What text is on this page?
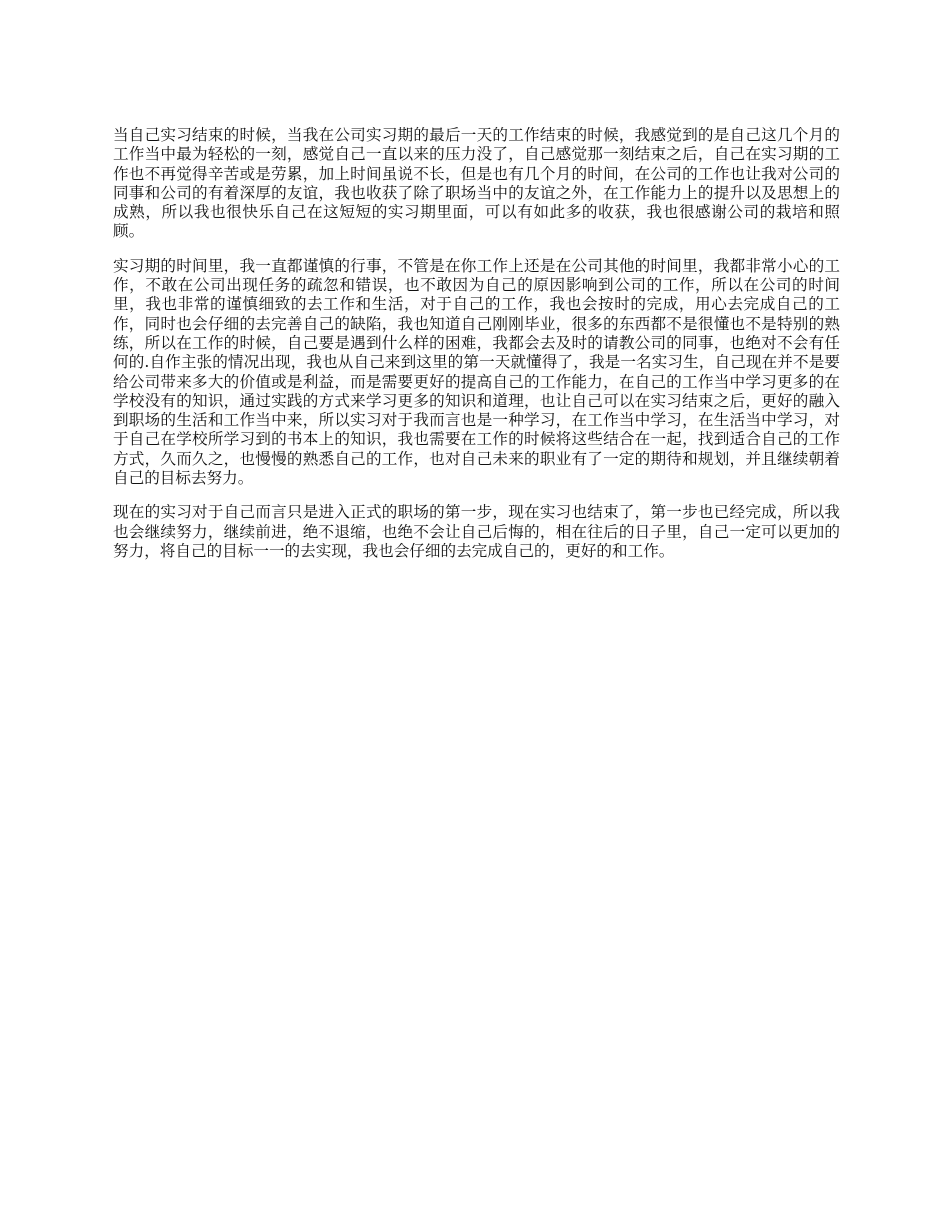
当自己实习结束的时候，当我在公司实习期的最后一天的工作结束的时候，我感觉到的是自己这几个月的工作当中最为轻松的一刻，感觉自己一直以来的压力没了，自己感觉那一刻结束之后，自己在实习期的工作也不再觉得辛苦或是劳累，加上时间虽说不长，但是也有几个月的时间，在公司的工作也让我对公司的同事和公司的有着深厚的友谊，我也收获了除了职场当中的友谊之外，在工作能力上的提升以及思想上的成熟，所以我也很快乐自己在这短短的实习期里面，可以有如此多的收获，我也很感谢公司的栽培和照顾。

实习期的时间里，我一直都谨慎的行事，不管是在你工作上还是在公司其他的时间里，我都非常小心的工作，不敢在公司出现任务的疏忽和错误，也不敢因为自己的原因影响到公司的工作，所以在公司的时间里，我也非常的谨慎细致的去工作和生活，对于自己的工作，我也会按时的完成，用心去完成自己的工作，同时也会仔细的去完善自己的缺陷，我也知道自己刚刚毕业，很多的东西都不是很懂也不是特别的熟练，所以在工作的时候，自己要是遇到什么样的困难，我都会去及时的请教公司的同事，也绝对不会有任何的.自作主张的情况出现，我也从自己来到这里的第一天就懂得了，我是一名实习生，自己现在并不是要给公司带来多大的价值或是利益，而是需要更好的提高自己的工作能力，在自己的工作当中学习更多的在学校没有的知识，通过实践的方式来学习更多的知识和道理，也让自己可以在实习结束之后，更好的融入到职场的生活和工作当中来，所以实习对于我而言也是一种学习，在工作当中学习，在生活当中学习，对于自己在学校所学习到的书本上的知识，我也需要在工作的时候将这些结合在一起，找到适合自己的工作方式，久而久之，也慢慢的熟悉自己的工作，也对自己未来的职业有了一定的期待和规划，并且继续朝着自己的目标去努力。

现在的实习对于自己而言只是进入正式的职场的第一步，现在实习也结束了，第一步也已经完成，所以我也会继续努力，继续前进，绝不退缩，也绝不会让自己后悔的，相在往后的日子里，自己一定可以更加的努力，将自己的目标一一的去实现，我也会仔细的去完成自己的，更好的和工作。
